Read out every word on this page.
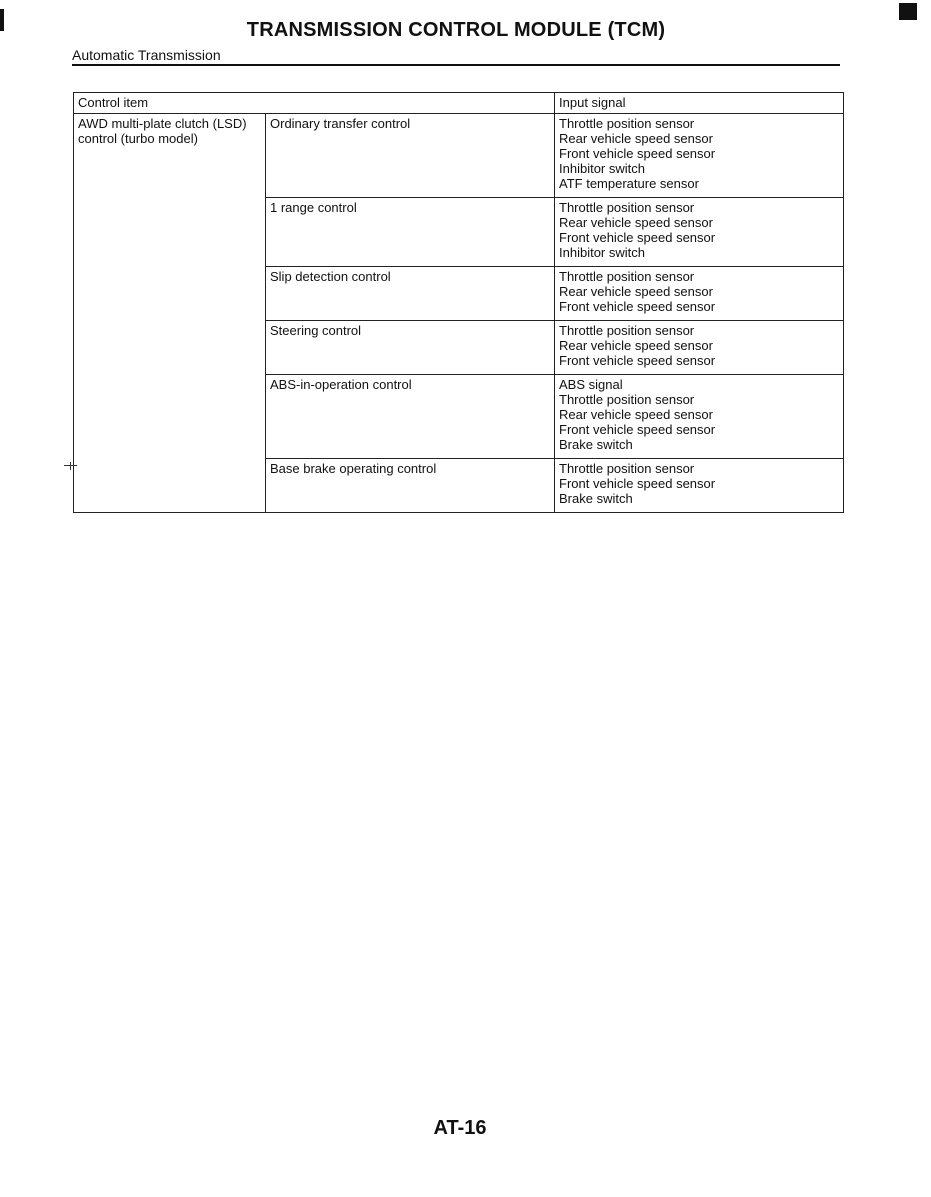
TRANSMISSION CONTROL MODULE (TCM)
Automatic Transmission
Control item		Input signal
AWD multi-plate clutch (LSD) control (turbo model)	Ordinary transfer control	Throttle position sensor
Rear vehicle speed sensor
Front vehicle speed sensor
Inhibitor switch
ATF temperature sensor

	1 range control	Throttle position sensor
Rear vehicle speed sensor
Front vehicle speed sensor
Inhibitor switch

	Slip detection control	Throttle position sensor
Rear vehicle speed sensor
Front vehicle speed sensor

	Steering control	Throttle position sensor
Rear vehicle speed sensor
Front vehicle speed sensor

	ABS-in-operation control	ABS signal
Throttle position sensor
Rear vehicle speed sensor
Front vehicle speed sensor
Brake switch

	Base brake operating control	Throttle position sensor
Front vehicle speed sensor
Brake switch
AT-16
